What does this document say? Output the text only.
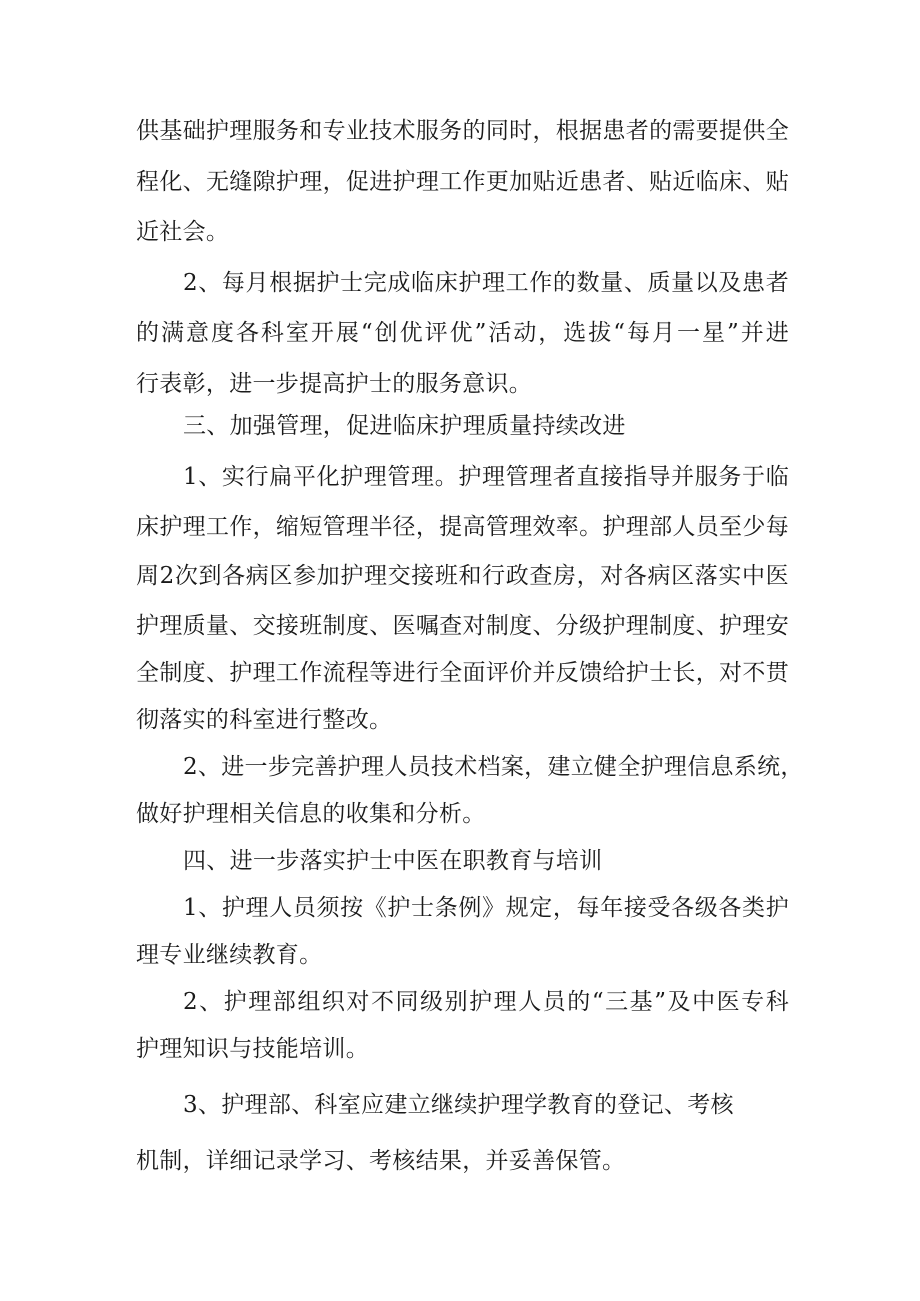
供基础护理服务和专业技术服务的同时，根据患者的需要提供全

程化、无缝隙护理，促进护理工作更加贴近患者、贴近临床、贴

近社会。

2、每月根据护士完成临床护理工作的数量、质量以及患者

的满意度各科室开展“创优评优”活动，选拔“每月一星”并进

行表彰，进一步提高护士的服务意识。

三、加强管理，促进临床护理质量持续改进

1、实行扁平化护理管理。护理管理者直接指导并服务于临

床护理工作，缩短管理半径，提高管理效率。护理部人员至少每

周2次到各病区参加护理交接班和行政查房，对各病区落实中医

护理质量、交接班制度、医嘱查对制度、分级护理制度、护理安

全制度、护理工作流程等进行全面评价并反馈给护士长，对不贯

彻落实的科室进行整改。

2、进一步完善护理人员技术档案，建立健全护理信息系统，

做好护理相关信息的收集和分析。

四、进一步落实护士中医在职教育与培训

1、护理人员须按《护士条例》规定，每年接受各级各类护

理专业继续教育。

2、护理部组织对不同级别护理人员的“三基”及中医专科

护理知识与技能培训。

3、护理部、科室应建立继续护理学教育的登记、考核

机制，详细记录学习、考核结果，并妥善保管。
